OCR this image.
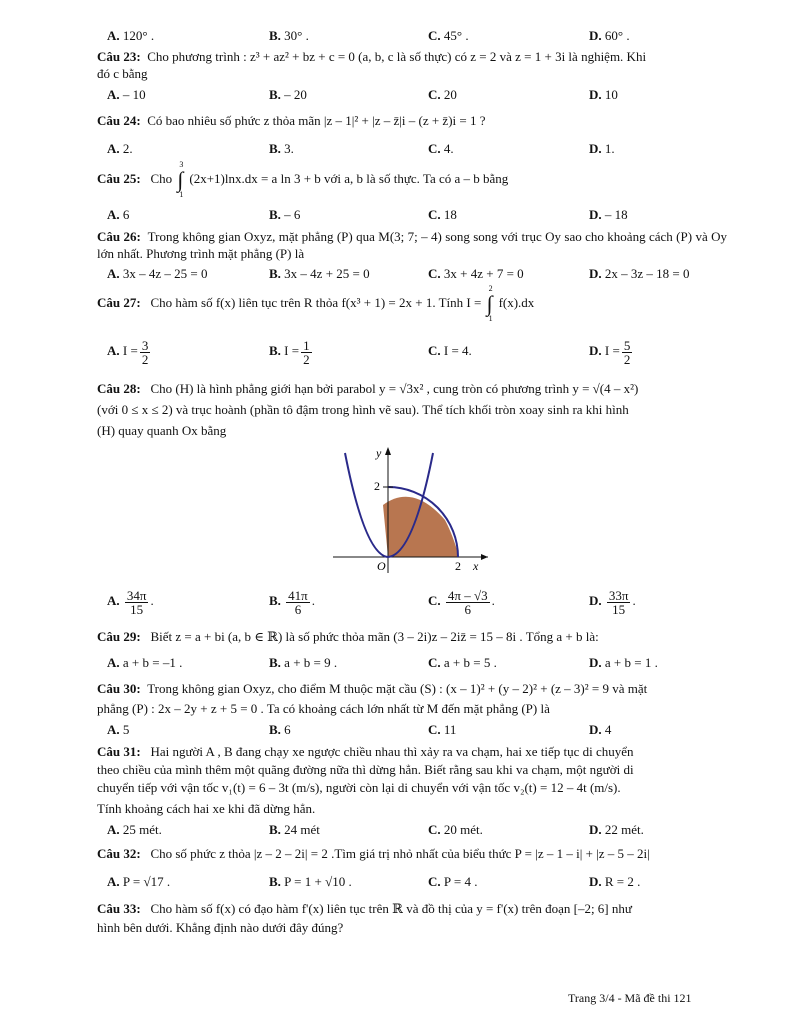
A. 120° .	B. 30° .	C. 45° .	D. 60° .
Câu 23: Cho phương trình : z³ + az² + bz + c = 0 (a, b, c là số thực) có z = 2 và z = 1 + 3i là nghiệm. Khi
đó c bằng
A. – 10	B. – 20	C. 20	D. 10
Câu 24: Có bao nhiêu số phức z thỏa mãn |z – 1|² + |z – z̄|i – (z + z̄)i = 1 ?
A. 2.	B. 3.	C. 4.	D. 1.
Câu 25: Cho
3
∫
1
(2x+1)lnx.dx = a ln 3 + b với a, b là số thực. Ta có a – b bằng
A. 6	B. – 6	C. 18	D. – 18
Câu 26: Trong không gian Oxyz, mặt phẳng (P) qua M(3; 7; – 4) song song với trục Oy sao cho khoảng cách (P) và Oy lớn nhất. Phương trình mặt phẳng (P) là
A. 3x – 4z – 25 = 0	B. 3x – 4z + 25 = 0	C. 3x + 4z + 7 = 0	D. 2x – 3z – 18 = 0
Câu 27: Cho hàm số f(x) liên tục trên R thỏa f(x³ + 1) = 2x + 1. Tính I =
2
∫
1
f(x).dx
A. $I = \frac{3}{2}$	B. $I = \frac{1}{2}$	C. I = 4.	D. $I = \frac{5}{2}$
Câu 28: Cho (H) là hình phẳng giới hạn bởi parabol y = √3x² , cung tròn có phương trình y = √(4 – x²)
(với 0 ≤ x ≤ 2) và trục hoành (phần tô đậm trong hình vẽ sau). Thể tích khối tròn xoay sinh ra khi hình
(H) quay quanh Ox bằng
2
2
O
y
x
A. $\frac{34\pi}{15}$ .	B. $\frac{41\pi}{6}$ .	C. $\frac{4\pi - √3}{6}$ .	D. $\frac{33\pi}{15}$ .
Câu 29: Biết z = a + bi (a, b ∈ ℝ) là số phức thỏa mãn (3 – 2i)z – 2iz̄ = 15 – 8i . Tổng a + b là:
A. a + b = –1 .	B. a + b = 9 .	C. a + b = 5 .	D. a + b = 1 .
Câu 30: Trong không gian Oxyz, cho điểm M thuộc mặt cầu (S) : (x – 1)² + (y – 2)² + (z – 3)² = 9 và mặt
phẳng (P) : 2x – 2y + z + 5 = 0 . Ta có khoảng cách lớn nhất từ M đến mặt phẳng (P) là
A. 5	B. 6	C. 11	D. 4
Câu 31: Hai người A , B đang chạy xe ngược chiều nhau thì xảy ra va chạm, hai xe tiếp tục di chuyển
theo chiều của mình thêm một quãng đường nữa thì dừng hẳn. Biết rằng sau khi va chạm, một người di
chuyển tiếp với vận tốc v₁(t) = 6 – 3t (m/s), người còn lại di chuyển với vận tốc v₂(t) = 12 – 4t (m/s).
Tính khoảng cách hai xe khi đã dừng hẳn.
A. 25 mét.	B. 24 mét	C. 20 mét.	D. 22 mét.
Câu 32: Cho số phức z thỏa |z – 2 – 2i| = 2 .Tìm giá trị nhỏ nhất của biểu thức P = |z – 1 – i| + |z – 5 – 2i|
A. P = √17 .	B. P = 1 + √10 .	C. P = 4 .	D. R = 2 .
Câu 33: Cho hàm số f(x) có đạo hàm f'(x) liên tục trên ℝ và đồ thị của y = f'(x) trên đoạn [–2; 6] như
hình bên dưới. Khẳng định nào dưới đây đúng?
Trang 3/4 - Mã đề thi 121
